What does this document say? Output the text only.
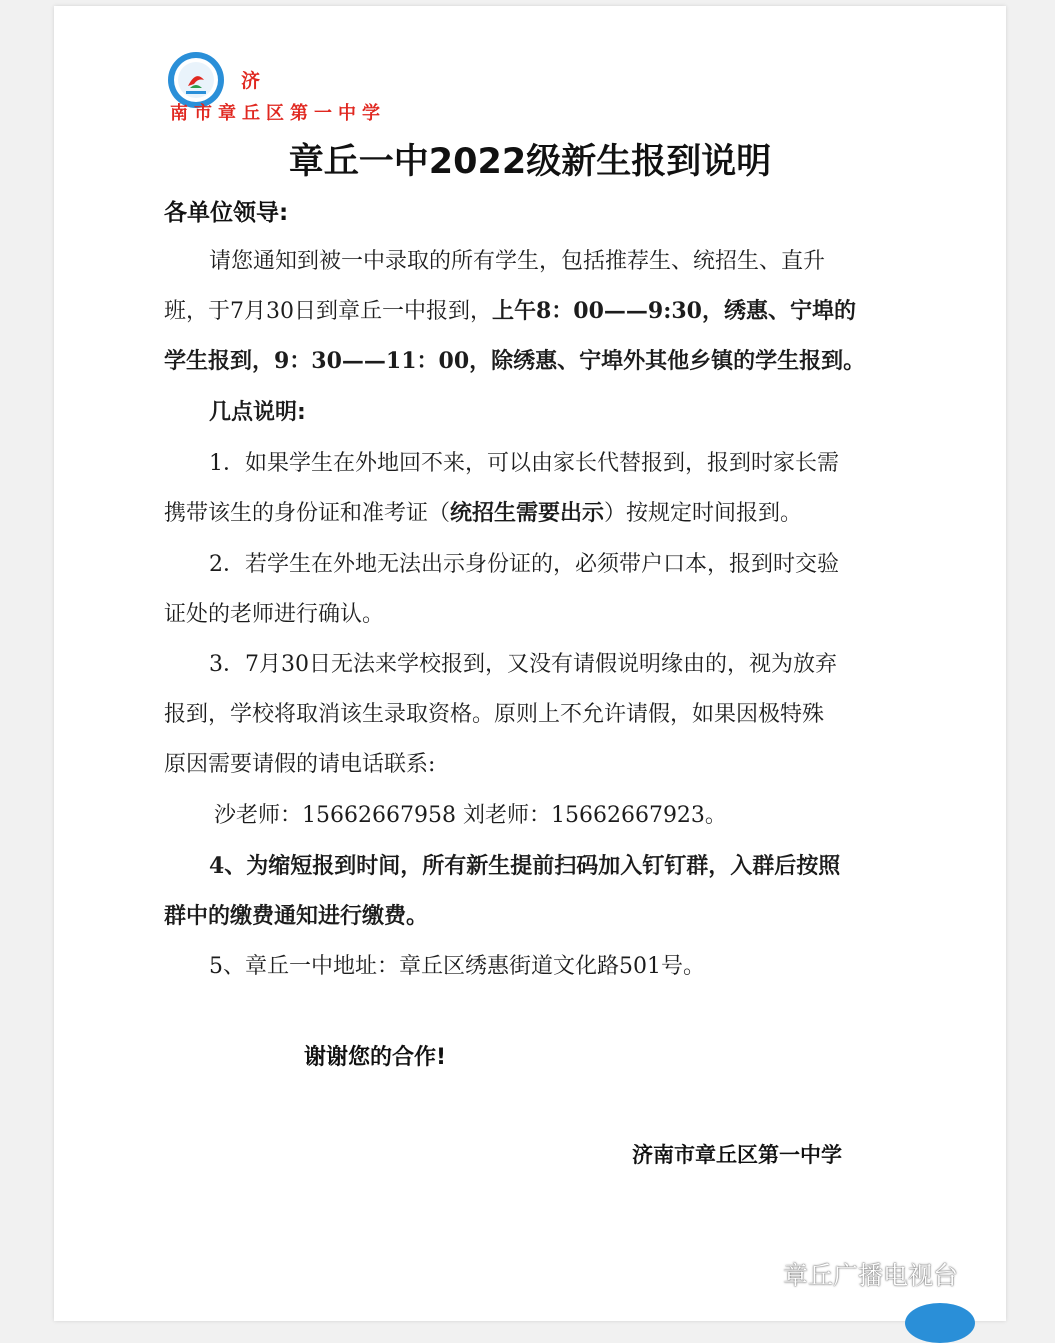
济
南市章丘区第一中学
章丘一中2022级新生报到说明
各单位领导:
请您通知到被一中录取的所有学生，包括推荐生、统招生、直升
班，于7月30日到章丘一中报到，上午8：00——9:30，绣惠、宁埠的
学生报到，9：30——11：00，除绣惠、宁埠外其他乡镇的学生报到。
几点说明:
1．如果学生在外地回不来，可以由家长代替报到，报到时家长需
携带该生的身份证和准考证（统招生需要出示）按规定时间报到。
2．若学生在外地无法出示身份证的，必须带户口本，报到时交验
证处的老师进行确认。
3．7月30日无法来学校报到，又没有请假说明缘由的，视为放弃
报到，学校将取消该生录取资格。原则上不允许请假，如果因极特殊
原因需要请假的请电话联系:
沙老师：15662667958 刘老师：15662667923。
4、为缩短报到时间，所有新生提前扫码加入钉钉群，入群后按照
群中的缴费通知进行缴费。
5、章丘一中地址：章丘区绣惠街道文化路501号。
谢谢您的合作!
济南市章丘区第一中学
章丘广播电视台
